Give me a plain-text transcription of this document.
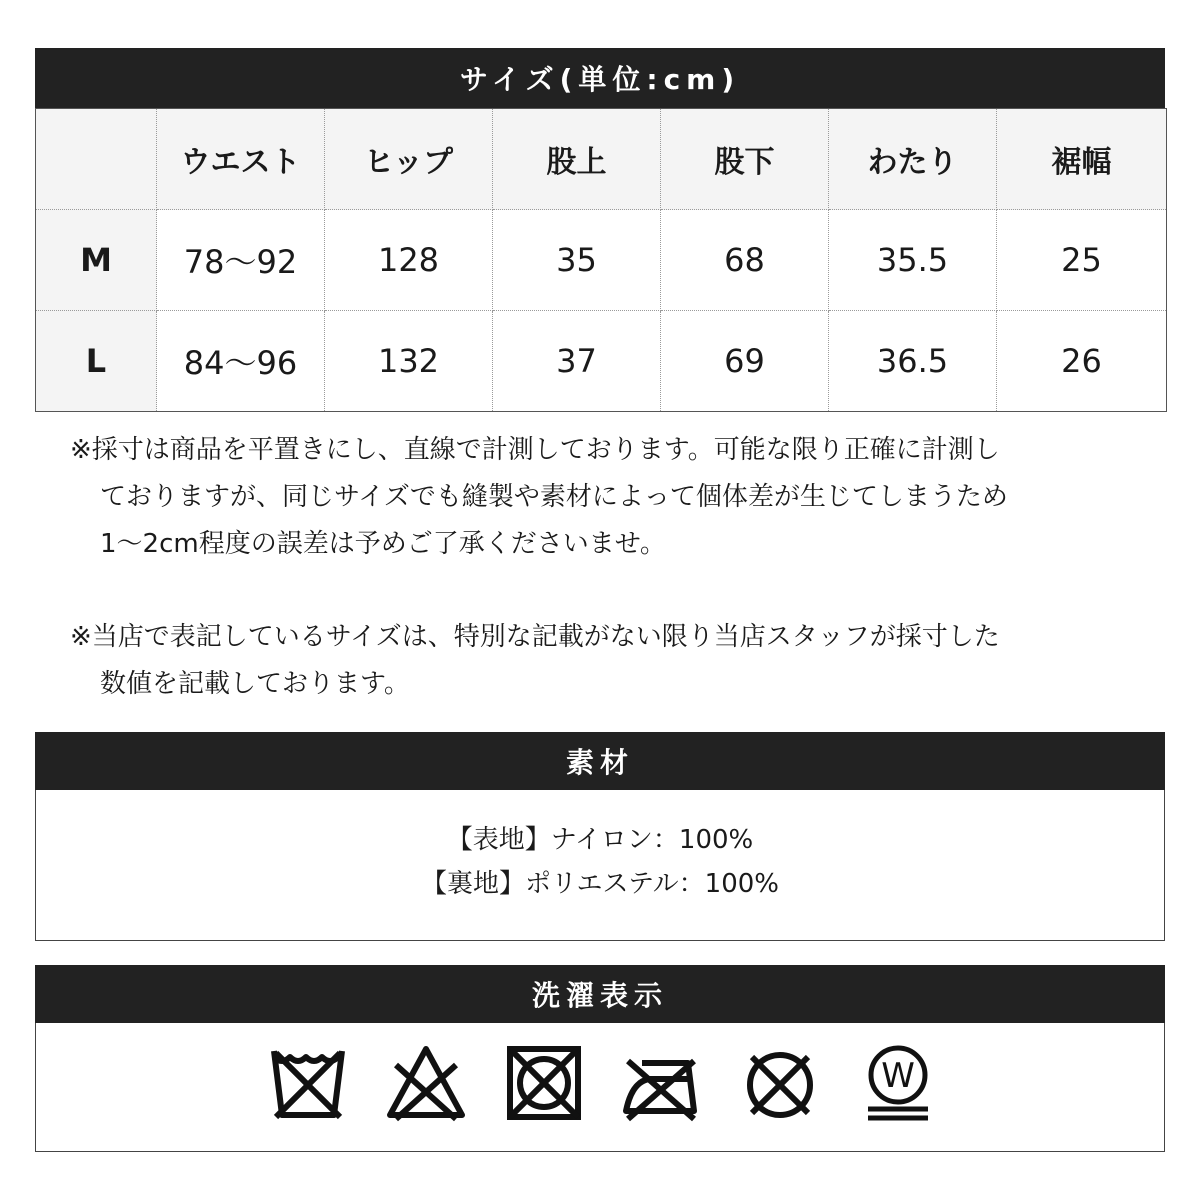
サイズ(単位:cm)
	ウエスト	ヒップ	股上	股下	わたり	裾幅
M	78〜92	128	35	68	35.5	25
L	84〜96	132	37	69	36.5	26
※採寸は商品を平置きにし、直線で計測しております。可能な限り正確に計測し
ておりますが、同じサイズでも縫製や素材によって個体差が生じてしまうため
1〜2cm程度の誤差は予めご了承くださいませ。
※当店で表記しているサイズは、特別な記載がない限り当店スタッフが採寸した
数値を記載しております。
素材
【表地】ナイロン：100%
【裏地】ポリエステル：100%
洗濯表示
W
